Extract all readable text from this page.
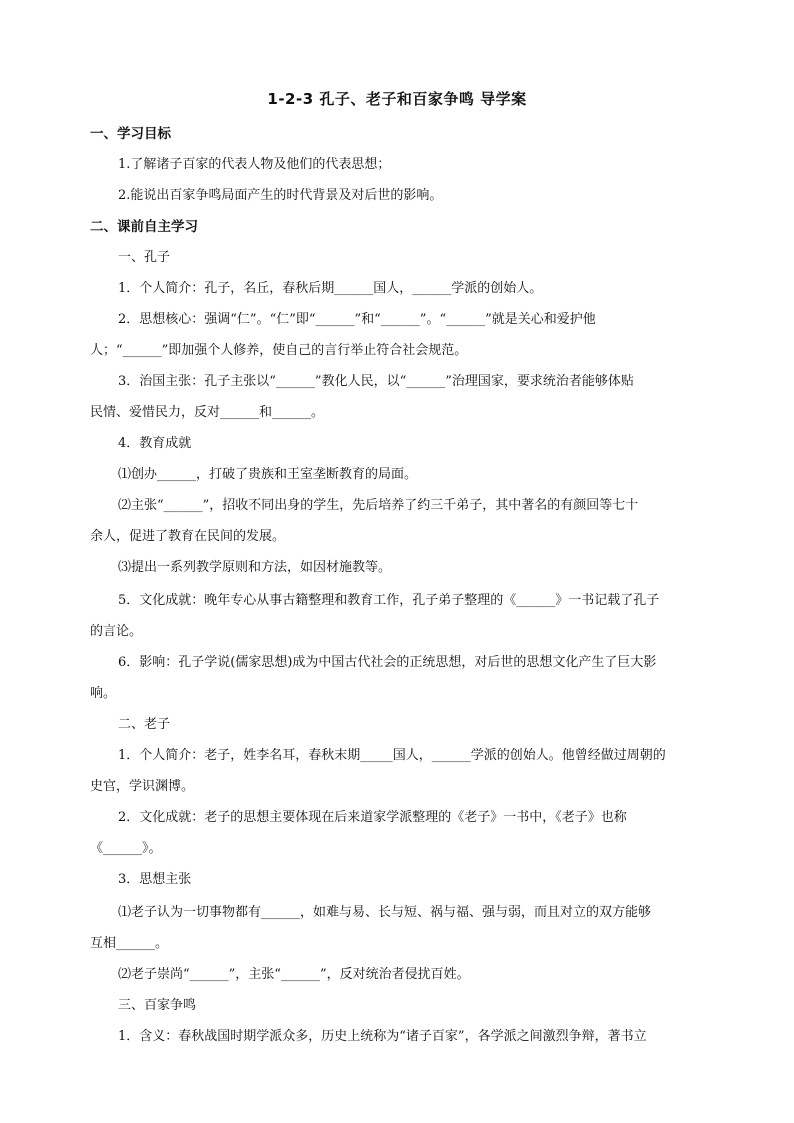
1-2-3 孔子、老子和百家争鸣 导学案
一、学习目标
1.了解诸子百家的代表人物及他们的代表思想；
2.能说出百家争鸣局面产生的时代背景及对后世的影响。
二、课前自主学习
一、孔子
1．个人简介：孔子，名丘，春秋后期______国人，______学派的创始人。
2．思想核心：强调“仁”。“仁”即“______”和“______”。“______”就是关心和爱护他
人；“______”即加强个人修养，使自己的言行举止符合社会规范。
3．治国主张：孔子主张以“______”教化人民，以“______”治理国家，要求统治者能够体贴
民情、爱惜民力，反对______和______。
4．教育成就
⑴创办______，打破了贵族和王室垄断教育的局面。
⑵主张“______”，招收不同出身的学生，先后培养了约三千弟子，其中著名的有颜回等七十
余人，促进了教育在民间的发展。
⑶提出一系列教学原则和方法，如因材施教等。
5．文化成就：晚年专心从事古籍整理和教育工作，孔子弟子整理的《______》一书记载了孔子
的言论。
6．影响：孔子学说(儒家思想)成为中国古代社会的正统思想，对后世的思想文化产生了巨大影
响。
二、老子
1．个人简介：老子，姓李名耳，春秋末期_____国人，______学派的创始人。他曾经做过周朝的
史官，学识渊博。
2．文化成就：老子的思想主要体现在后来道家学派整理的《老子》一书中，《老子》也称
《______》。
3．思想主张
⑴老子认为一切事物都有______，如难与易、长与短、祸与福、强与弱，而且对立的双方能够
互相______。
⑵老子崇尚“______”，主张“______”，反对统治者侵扰百姓。
三、百家争鸣
1．含义：春秋战国时期学派众多，历史上统称为“诸子百家”，各学派之间激烈争辩，著书立
